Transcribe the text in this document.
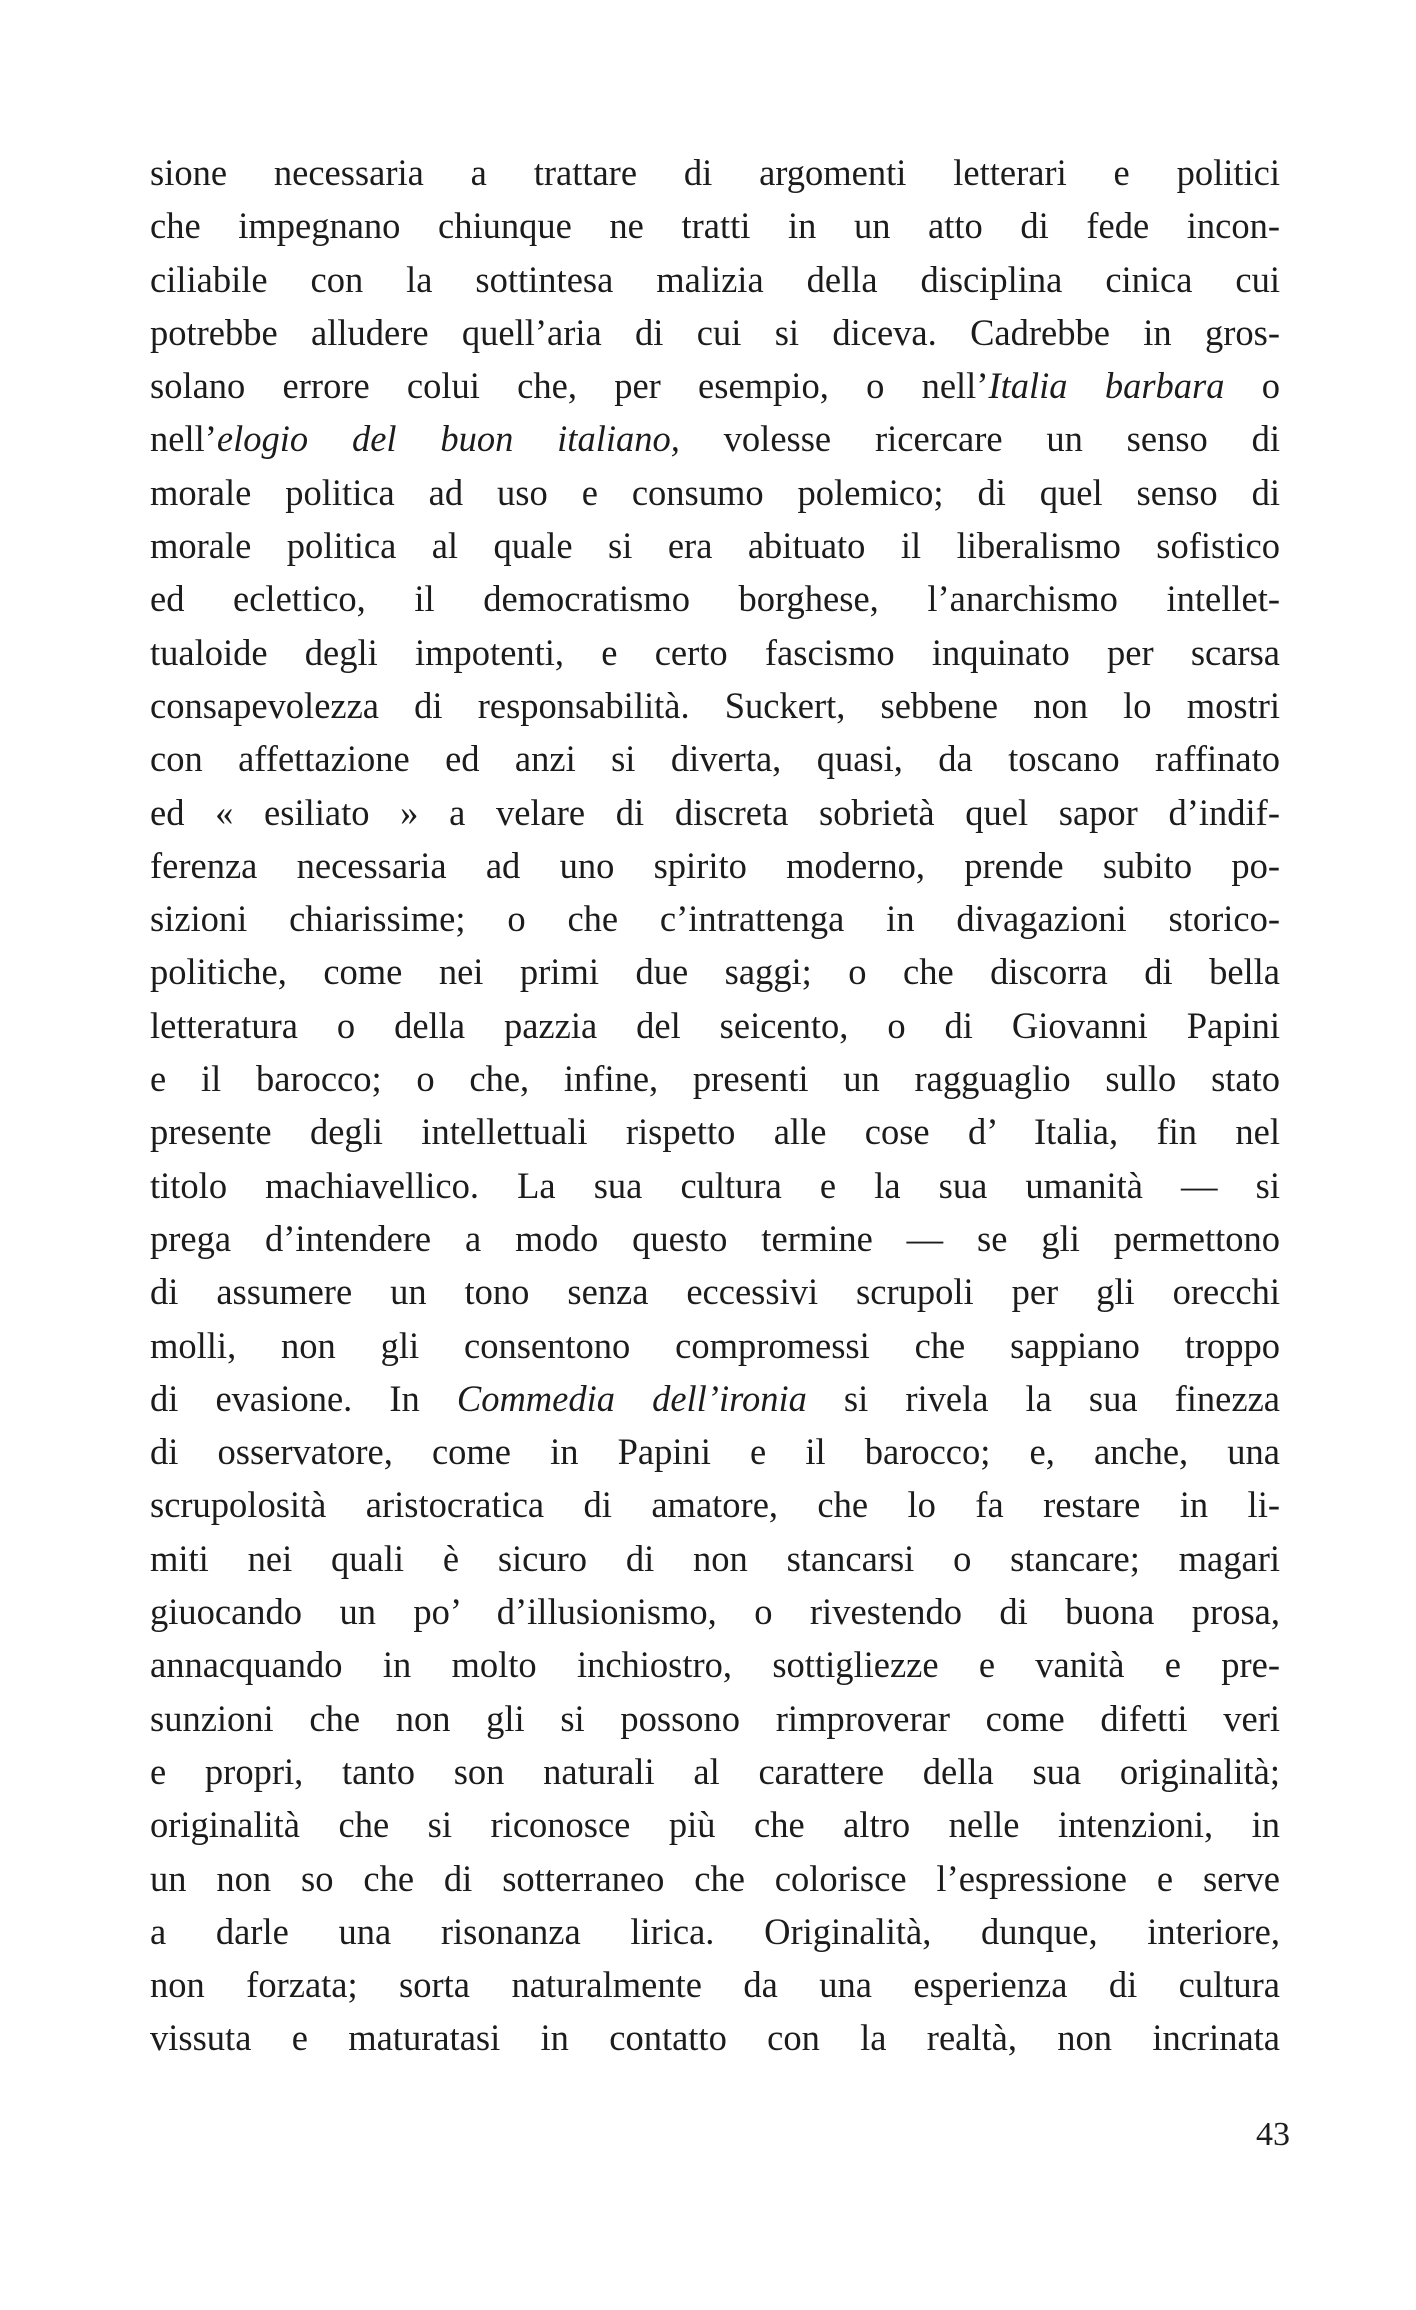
sione necessaria a trattare di argomenti letterari e politici
che impegnano chiunque ne tratti in un atto di fede incon-
ciliabile con la sottintesa malizia della disciplina cinica cui
potrebbe alludere quell’aria di cui si diceva. Cadrebbe in gros-
solano errore colui che, per esempio, o nell’Italia barbara o
nell’elogio del buon italiano, volesse ricercare un senso di
morale politica ad uso e consumo polemico; di quel senso di
morale politica al quale si era abituato il liberalismo sofistico
ed eclettico, il democratismo borghese, l’anarchismo intellet-
tualoide degli impotenti, e certo fascismo inquinato per scarsa
consapevolezza di responsabilità. Suckert, sebbene non lo mostri
con affettazione ed anzi si diverta, quasi, da toscano raffinato
ed « esiliato » a velare di discreta sobrietà quel sapor d’indif-
ferenza necessaria ad uno spirito moderno, prende subito po-
sizioni chiarissime; o che c’intrattenga in divagazioni storico-
politiche, come nei primi due saggi; o che discorra di bella
letteratura o della pazzia del seicento, o di Giovanni Papini
e il barocco; o che, infine, presenti un ragguaglio sullo stato
presente degli intellettuali rispetto alle cose d’ Italia, fin nel
titolo machiavellico. La sua cultura e la sua umanità — si
prega d’intendere a modo questo termine — se gli permettono
di assumere un tono senza eccessivi scrupoli per gli orecchi
molli, non gli consentono compromessi che sappiano troppo
di evasione. In Commedia dell’ironia si rivela la sua finezza
di osservatore, come in Papini e il barocco; e, anche, una
scrupolosità aristocratica di amatore, che lo fa restare in li-
miti nei quali è sicuro di non stancarsi o stancare; magari
giuocando un po’ d’illusionismo, o rivestendo di buona prosa,
annacquando in molto inchiostro, sottigliezze e vanità e pre-
sunzioni che non gli si possono rimproverar come difetti veri
e propri, tanto son naturali al carattere della sua originalità;
originalità che si riconosce più che altro nelle intenzioni, in
un non so che di sotterraneo che colorisce l’espressione e serve
a darle una risonanza lirica. Originalità, dunque, interiore,
non forzata; sorta naturalmente da una esperienza di cultura
vissuta e maturatasi in contatto con la realtà, non incrinata
43
